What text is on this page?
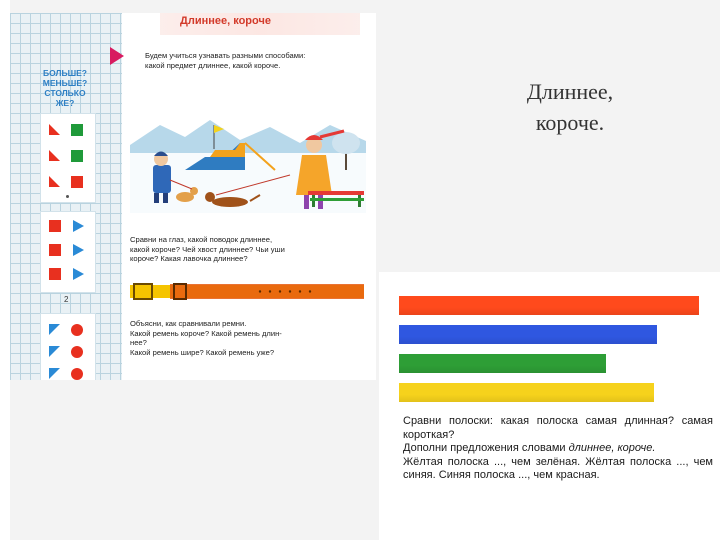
БОЛЬШЕ?
МЕНЬШЕ?
СТОЛЬКО ЖЕ?
2
Длиннее, короче
Будем учиться узнавать разными способами:
какой предмет длиннее, какой короче.
Сравни на глаз, какой поводок длиннее,
какой короче? Чей хвост длиннее? Чьи уши
короче? Какая лавочка длиннее?
Объясни, как сравнивали ремни.
Какой ремень короче? Какой ремень длин-
нее?
Какой ремень шире? Какой ремень уже?
Длиннее,
короче.
Сравни полоски: какая полоска самая длинная? самая короткая?
Дополни предложения словами длиннее, короче.
Жёлтая полоска ..., чем зелёная. Жёлтая полоска ..., чем синяя. Синяя полоска ..., чем красная.
